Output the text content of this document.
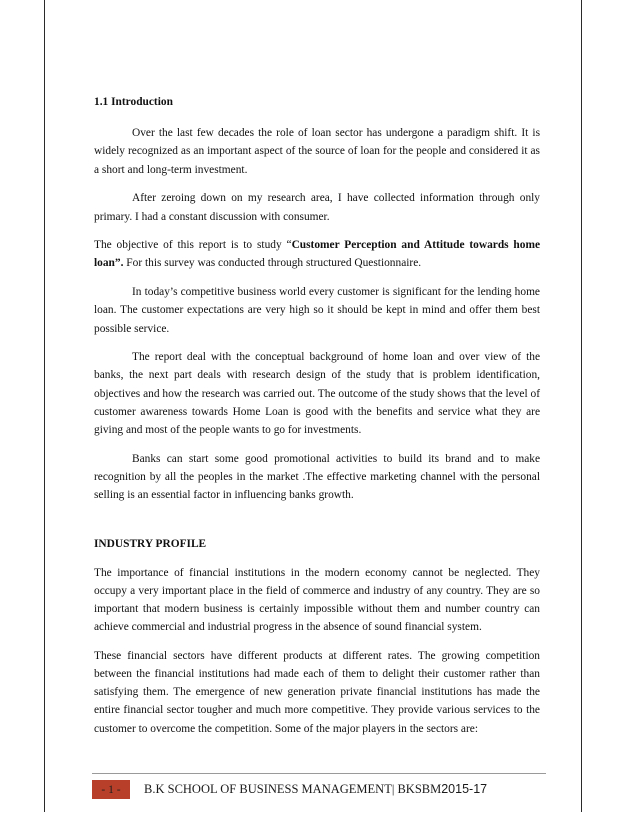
1.1 Introduction

Over the last few decades the role of loan sector has undergone a paradigm shift. It is widely recognized as an important aspect of the source of loan for the people and considered it as a short and long-term investment.

After zeroing down on my research area, I have collected information through only primary. I had a constant discussion with consumer.

The objective of this report is to study “Customer Perception and Attitude towards home loan”. For this survey was conducted through structured Questionnaire.

In today’s competitive business world every customer is significant for the lending home loan. The customer expectations are very high so it should be kept in mind and offer them best possible service.

The report deal with the conceptual background of home loan and over view of the banks, the next part deals with research design of the study that is problem identification, objectives and how the research was carried out. The outcome of the study shows that the level of customer awareness towards Home Loan is good with the benefits and service what they are giving and most of the people wants to go for investments.

Banks can start some good promotional activities to build its brand and to make recognition by all the peoples in the market .The effective marketing channel with the personal selling is an essential factor in influencing banks growth.

INDUSTRY PROFILE

The importance of financial institutions in the modern economy cannot be neglected. They occupy a very important place in the field of commerce and industry of any country. They are so important that modern business is certainly impossible without them and number country can achieve commercial and industrial progress in the absence of sound financial system.

These financial sectors have different products at different rates. The growing competition between the financial institutions had made each of them to delight their customer rather than satisfying them. The emergence of new generation private financial institutions has made the entire financial sector tougher and much more competitive. They provide various services to the customer to overcome the competition. Some of the major players in the sectors are:

- 1 -	B.K SCHOOL OF BUSINESS MANAGEMENT| BKSBM2015-17
